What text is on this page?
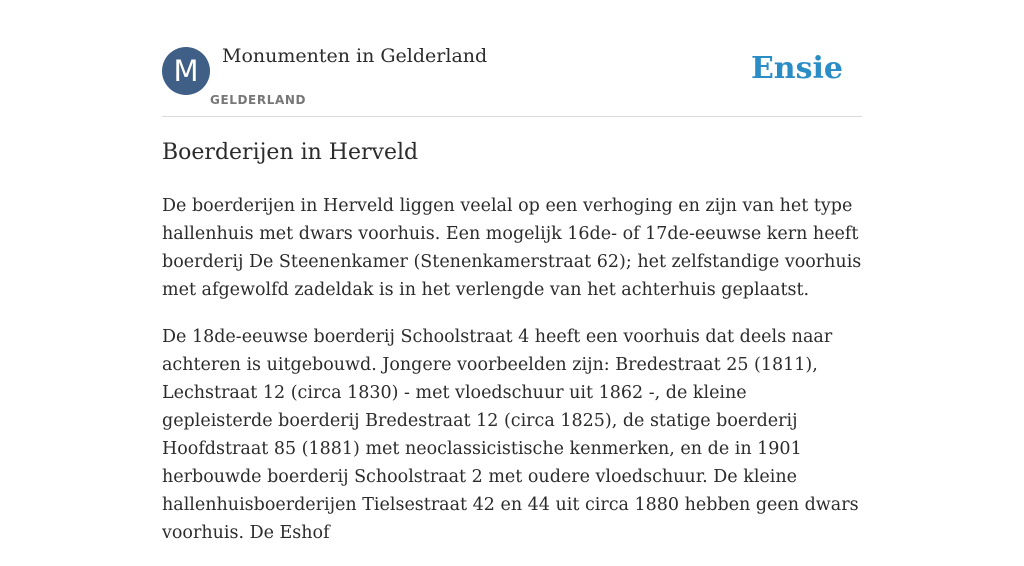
M	Monumenten in Gelderland
GELDERLAND
Ensie
Boerderijen in Herveld

De boerderijen in Herveld liggen veelal op een verhoging en zijn van het type hallenhuis met dwars voorhuis. Een mogelijk 16de- of 17de-eeuwse kern heeft boerderij De Steenenkamer (Stenenkamerstraat 62); het zelfstandige voorhuis met afgewolfd zadeldak is in het verlengde van het achterhuis geplaatst.

De 18de-eeuwse boerderij Schoolstraat 4 heeft een voorhuis dat deels naar achteren is uitgebouwd. Jongere voorbeelden zijn: Bredestraat 25 (1811), Lechstraat 12 (circa 1830) - met vloedschuur uit 1862 -, de kleine gepleisterde boerderij Bredestraat 12 (circa 1825), de statige boerderij Hoofdstraat 85 (1881) met neoclassicistische kenmerken, en de in 1901 herbouwde boerderij Schoolstraat 2 met oudere vloedschuur. De kleine hallenhuisboerderijen Tielsestraat 42 en 44 uit circa 1880 hebben geen dwars voorhuis. De Eshof
